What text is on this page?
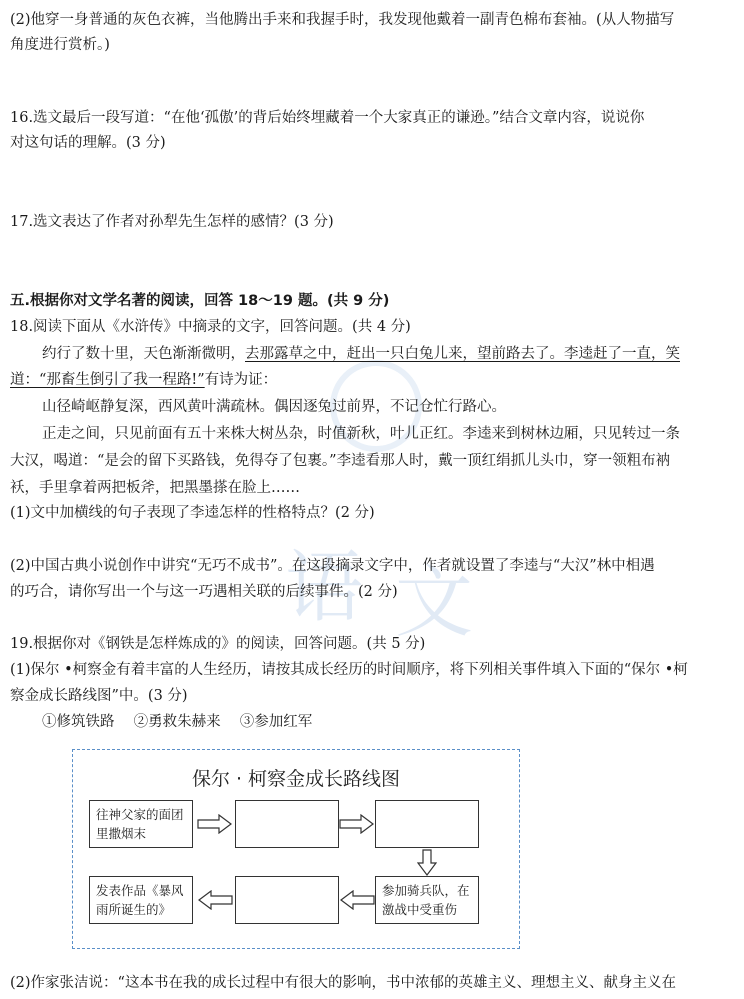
语 文
(2)他穿一身普通的灰色衣裤，当他腾出手来和我握手时，我发现他戴着一副青色棉布套袖。(从人物描写
角度进行赏析。)
16.选文最后一段写道：“在他‘孤傲’的背后始终埋藏着一个大家真正的谦逊。”结合文章内容，说说你
对这句话的理解。(3 分)
17.选文表达了作者对孙犁先生怎样的感情？(3 分)
五.根据你对文学名著的阅读，回答 18～19 题。(共 9 分)
18.阅读下面从《水浒传》中摘录的文字，回答问题。(共 4 分)
约行了数十里，天色渐渐微明，去那露草之中，赶出一只白兔儿来，望前路去了。李逵赶了一直，笑
道：“那畜生倒引了我一程路!”有诗为证：
山径崎岖静复深，西风黄叶满疏林。偶因逐兔过前界，不记仓忙行路心。
正走之间，只见前面有五十来株大树丛杂，时值新秋，叶儿正红。李逵来到树林边厢，只见转过一条
大汉，喝道：“是会的留下买路钱，免得夺了包裹。”李逵看那人时，戴一顶红绢抓儿头巾，穿一领粗布衲
袄，手里拿着两把板斧，把黑墨搽在脸上……
(1)文中加横线的句子表现了李逵怎样的性格特点？(2 分)
(2)中国古典小说创作中讲究“无巧不成书”。在这段摘录文字中，作者就设置了李逵与“大汉”林中相遇
的巧合，请你写出一个与这一巧遇相关联的后续事件。(2 分)
19.根据你对《钢铁是怎样炼成的》的阅读，回答问题。(共 5 分)
(1)保尔 •柯察金有着丰富的人生经历，请按其成长经历的时间顺序，将下列相关事件填入下面的“保尔 •柯
察金成长路线图”中。(3 分)
①修筑铁路　 ②勇救朱赫来　 ③参加红军
保尔 · 柯察金成长路线图
往神父家的面团里撒烟末
参加骑兵队，在激战中受重伤
发表作品《暴风雨所诞生的》
(2)作家张洁说：“这本书在我的成长过程中有很大的影响，书中浓郁的英雄主义、理想主义、献身主义在
